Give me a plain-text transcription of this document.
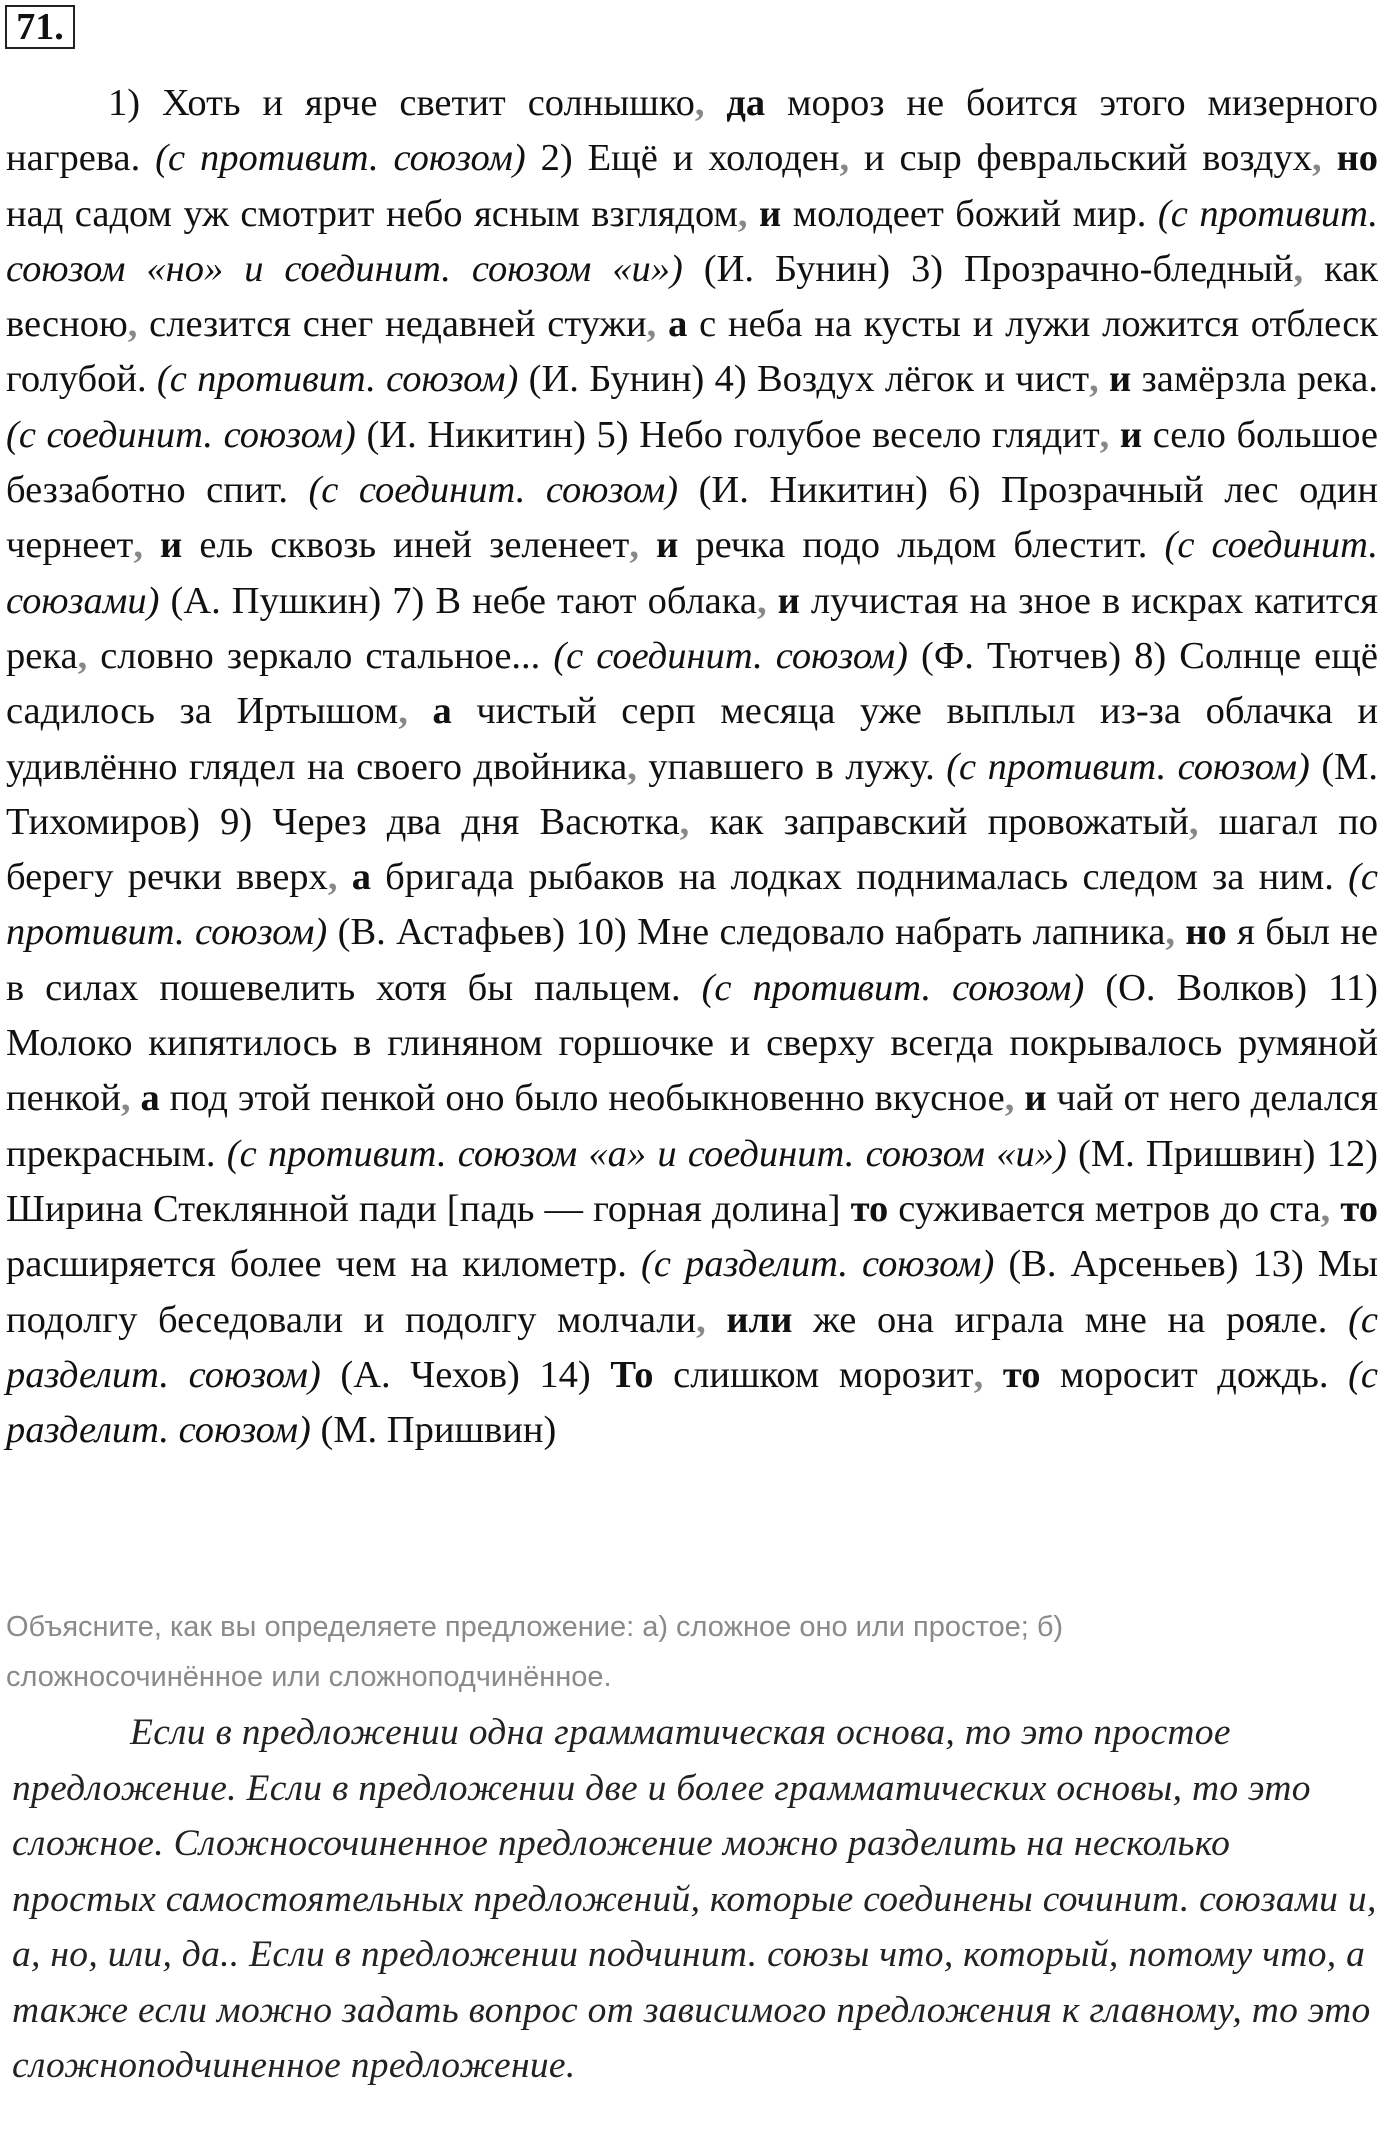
71.

1) Хоть и ярче светит солнышко, да мороз не боится этого мизерного нагрева. (с противит. союзом) 2) Ещё и холоден, и сыр февральский воздух, но над садом уж смотрит небо ясным взглядом, и молодеет божий мир. (с противит. союзом «но» и соединит. союзом «и») (И. Бунин) 3) Прозрачно-бледный, как весною, слезится снег недавней стужи, а с неба на кусты и лужи ложится отблеск голубой. (с противит. союзом) (И. Бунин) 4) Воздух лёгок и чист, и замёрзла река. (с соединит. союзом) (И. Никитин) 5) Небо голубое весело глядит, и село большое беззаботно спит. (с соединит. союзом) (И. Никитин) 6) Прозрачный лес один чернеет, и ель сквозь иней зеленеет, и речка подо льдом блестит. (с соединит. союзами) (А. Пушкин) 7) В небе тают облака, и лучистая на зное в искрах катится река, словно зеркало стальное... (с соединит. союзом) (Ф. Тютчев) 8) Солнце ещё садилось за Иртышом, а чистый серп месяца уже выплыл из-за облачка и удивлённо глядел на своего двойника, упавшего в лужу. (с противит. союзом) (М. Тихомиров) 9) Через два дня Васютка, как заправский провожатый, шагал по берегу речки вверх, а бригада рыбаков на лодках поднималась следом за ним. (с противит. союзом) (В. Астафьев) 10) Мне следовало набрать лапника, но я был не в силах пошевелить хотя бы пальцем. (с противит. союзом) (О. Волков) 11) Молоко кипятилось в глиняном горшочке и сверху всегда покрывалось румяной пенкой, а под этой пенкой оно было необыкновенно вкусное, и чай от него делался прекрасным. (с противит. союзом «а» и соединит. союзом «и») (М. Пришвин) 12) Ширина Стеклянной пади [падь — горная долина] то суживается метров до ста, то расширяется более чем на километр. (с разделит. союзом) (В. Арсеньев) 13) Мы подолгу беседовали и подолгу молчали, или же она играла мне на рояле. (с разделит. союзом) (А. Чехов) 14) То слишком морозит, то моросит дождь. (с разделит. союзом) (М. Пришвин)

Объясните, как вы определяете предложение: а) сложное оно или простое; б) сложносочинённое или сложноподчинённое.

Если в предложении одна грамматическая основа, то это простое предложение. Если в предложении две и более грамматических основы, то это сложное. Сложносочиненное предложение можно разделить на несколько простых самостоятельных предложений, которые соединены сочинит. союзами и, а, но, или, да.. Если в предложении подчинит. союзы что, который, потому что, а также если можно задать вопрос от зависимого предложения к главному, то это сложноподчиненное предложение.
